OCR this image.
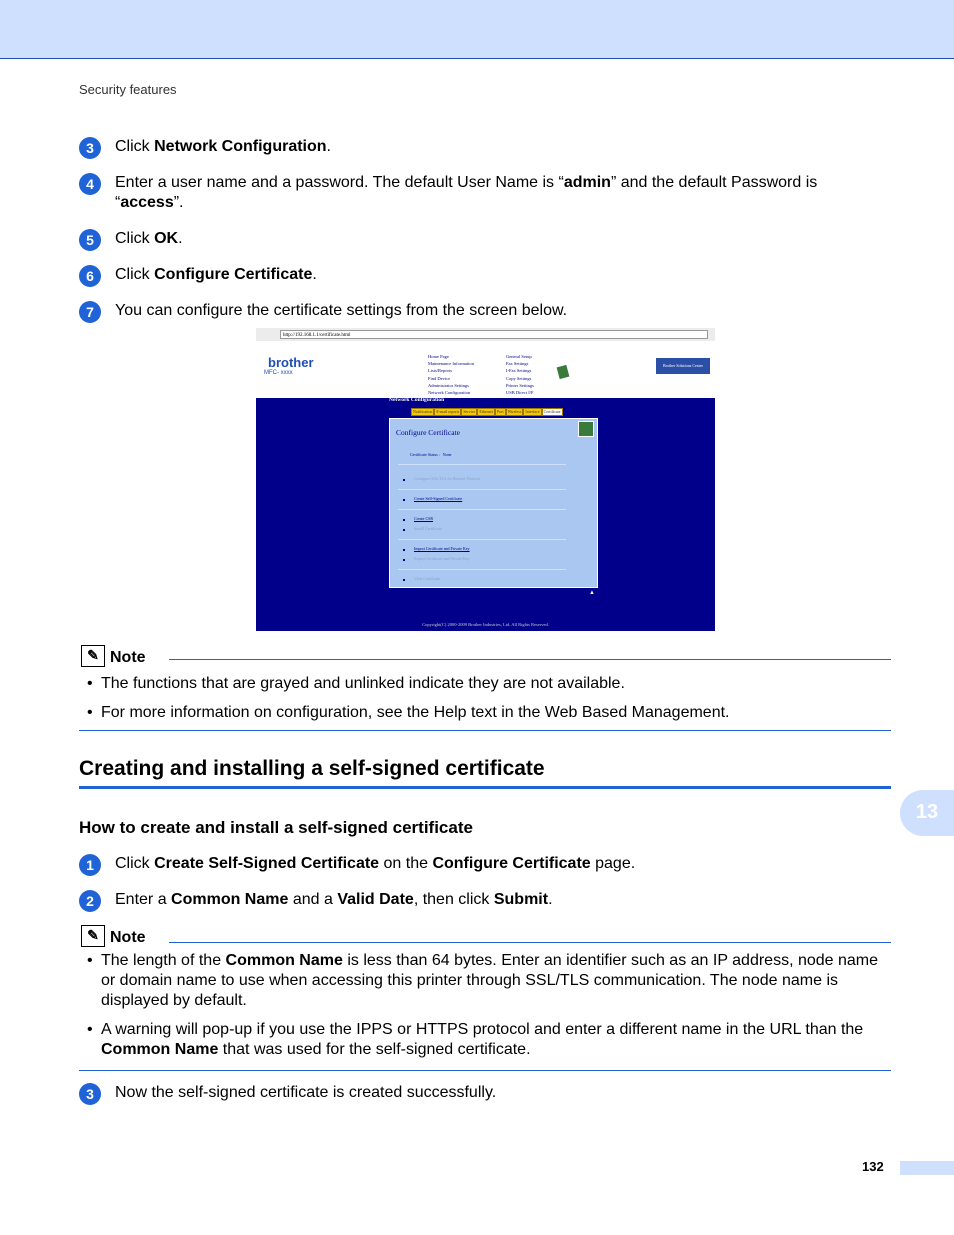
Security features
3	Click Network Configuration.
4	Enter a user name and a password. The default User Name is “admin” and the default Password is
“access”.
5	Click OK.
6	Click Configure Certificate.
7	You can configure the certificate settings from the screen below.
http://192.168.1.1/certificate.html
brother
MFC- xxxx
Home Page
Maintenance Information
Lists/Reports
Find Device
Administrator Settings
Network Configuration
General Setup
Fax Settings
I-Fax Settings
Copy Settings
Printer Settings
USB Direct I/F
Brother Solutions Center
Network Configuration
Notification	E-mail reports	Service	Ethernet	Port	Wireless	Interface	Certificate
Configure Certificate
Certificate Status : None
Configure SSL/TLS for Remote Protocol
Create Self-Signed Certificate
Create CSR
Install Certificate
Import Certificate and Private Key
Export Certificate and Private Key
View Certificate
▲
Copyright(C) 2000-2009 Brother Industries, Ltd. All Rights Reserved.
✎ Note
• The functions that are grayed and unlinked indicate they are not available.
• For more information on configuration, see the Help text in the Web Based Management.
Creating and installing a self-signed certificate
13
How to create and install a self-signed certificate
1	Click Create Self-Signed Certificate on the Configure Certificate page.
2	Enter a Common Name and a Valid Date, then click Submit.
✎ Note
• The length of the Common Name is less than 64 bytes. Enter an identifier such as an IP address, node name or domain name to use when accessing this printer through SSL/TLS communication. The node name is displayed by default.
• A warning will pop-up if you use the IPPS or HTTPS protocol and enter a different name in the URL than the Common Name that was used for the self-signed certificate.
3	Now the self-signed certificate is created successfully.
132
